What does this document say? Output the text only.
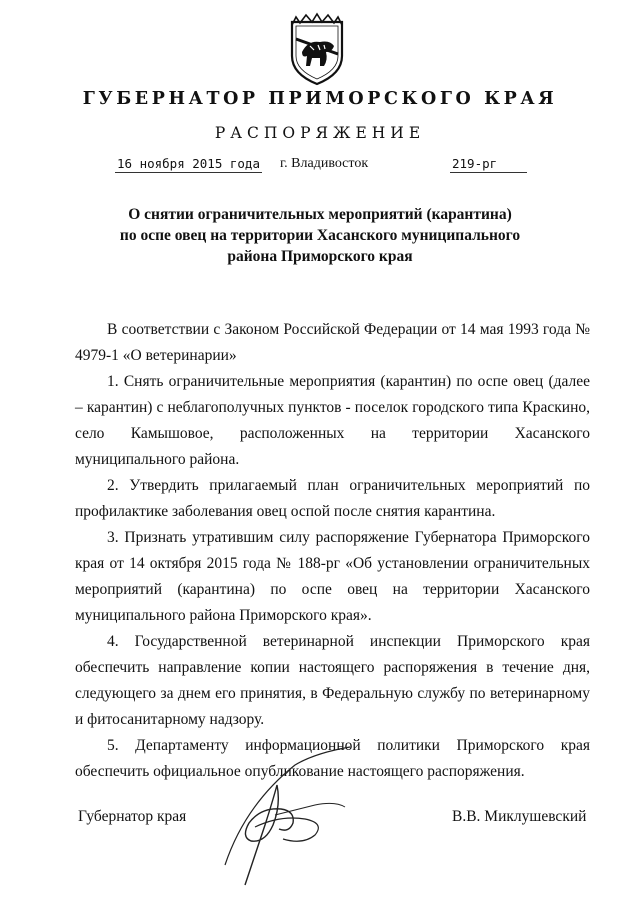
ГУБЕРНАТОР ПРИМОРСКОГО КРАЯ
РАСПОРЯЖЕНИЕ
16 ноября 2015 года г. Владивосток	219-рг
О снятии ограничительных мероприятий (карантина)
по оспе овец на территории Хасанского муниципального
района Приморского края

В соответствии с Законом Российской Федерации от 14 мая 1993 года № 4979-1 «О ветеринарии»

1. Снять ограничительные мероприятия (карантин) по оспе овец (далее – карантин) с неблагополучных пунктов - поселок городского типа Краскино, село Камышовое, расположенных на территории Хасанского муниципального района.

2. Утвердить прилагаемый план ограничительных мероприятий по профилактике заболевания овец оспой после снятия карантина.

3. Признать утратившим силу распоряжение Губернатора Приморского края от 14 октября 2015 года № 188-рг «Об установлении ограничительных мероприятий (карантина) по оспе овец на территории Хасанского муниципального района Приморского края».

4. Государственной ветеринарной инспекции Приморского края обеспечить направление копии настоящего распоряжения в течение дня, следующего за днем его принятия, в Федеральную службу по ветеринарному и фитосанитарному надзору.

5. Департаменту информационной политики Приморского края обеспечить официальное опубликование настоящего распоряжения.

Губернатор края	В.В. Миклушевский
